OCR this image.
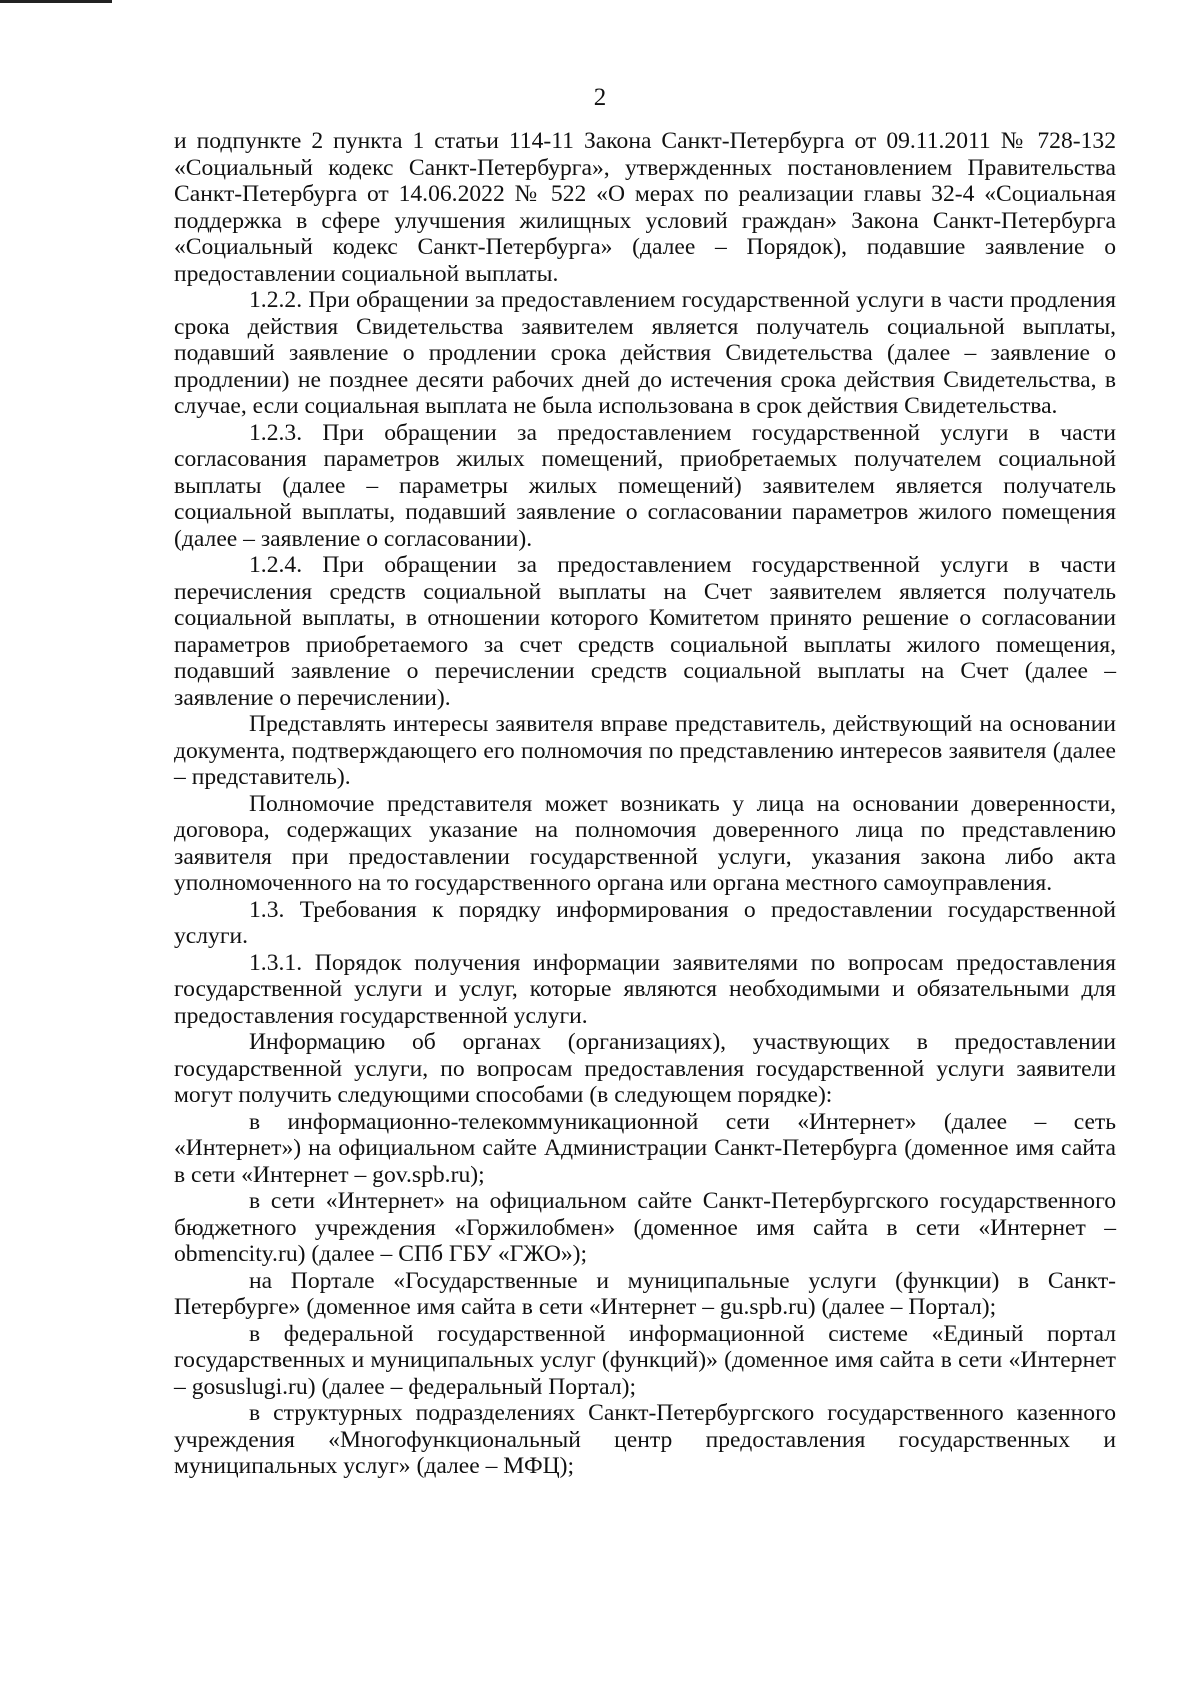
2

и подпункте 2 пункта 1 статьи 114-11 Закона Санкт-Петербурга от 09.11.2011 № 728-132 «Социальный кодекс Санкт-Петербурга», утвержденных постановлением Правительства Санкт-Петербурга от 14.06.2022 № 522 «О мерах по реализации главы 32-4 «Социальная поддержка в сфере улучшения жилищных условий граждан» Закона Санкт-Петербурга «Социальный кодекс Санкт-Петербурга» (далее – Порядок), подавшие заявление о предоставлении социальной выплаты.

1.2.2. При обращении за предоставлением государственной услуги в части продления срока действия Свидетельства заявителем является получатель социальной выплаты, подавший заявление о продлении срока действия Свидетельства (далее – заявление о продлении) не позднее десяти рабочих дней до истечения срока действия Свидетельства, в случае, если социальная выплата не была использована в срок действия Свидетельства.

1.2.3. При обращении за предоставлением государственной услуги в части согласования параметров жилых помещений, приобретаемых получателем социальной выплаты (далее – параметры жилых помещений) заявителем является получатель социальной выплаты, подавший заявление о согласовании параметров жилого помещения (далее – заявление о согласовании).

1.2.4. При обращении за предоставлением государственной услуги в части перечисления средств социальной выплаты на Счет заявителем является получатель социальной выплаты, в отношении которого Комитетом принято решение о согласовании параметров приобретаемого за счет средств социальной выплаты жилого помещения, подавший заявление о перечислении средств социальной выплаты на Счет (далее – заявление о перечислении).

Представлять интересы заявителя вправе представитель, действующий на основании документа, подтверждающего его полномочия по представлению интересов заявителя (далее – представитель).

Полномочие представителя может возникать у лица на основании доверенности, договора, содержащих указание на полномочия доверенного лица по представлению заявителя при предоставлении государственной услуги, указания закона либо акта уполномоченного на то государственного органа или органа местного самоуправления.

1.3. Требования к порядку информирования о предоставлении государственной услуги.

1.3.1. Порядок получения информации заявителями по вопросам предоставления государственной услуги и услуг, которые являются необходимыми и обязательными для предоставления государственной услуги.

Информацию об органах (организациях), участвующих в предоставлении государственной услуги, по вопросам предоставления государственной услуги заявители могут получить следующими способами (в следующем порядке):

в информационно-телекоммуникационной сети «Интернет» (далее – сеть «Интернет») на официальном сайте Администрации Санкт-Петербурга (доменное имя сайта в сети «Интернет – gov.spb.ru);

в сети «Интернет» на официальном сайте Санкт-Петербургского государственного бюджетного учреждения «Горжилобмен» (доменное имя сайта в сети «Интернет – obmencity.ru) (далее – СПб ГБУ «ГЖО»);

на Портале «Государственные и муниципальные услуги (функции) в Санкт-Петербурге» (доменное имя сайта в сети «Интернет – gu.spb.ru) (далее – Портал);

в федеральной государственной информационной системе «Единый портал государственных и муниципальных услуг (функций)» (доменное имя сайта в сети «Интернет – gosuslugi.ru) (далее – федеральный Портал);

в структурных подразделениях Санкт-Петербургского государственного казенного учреждения «Многофункциональный центр предоставления государственных и муниципальных услуг» (далее – МФЦ);
